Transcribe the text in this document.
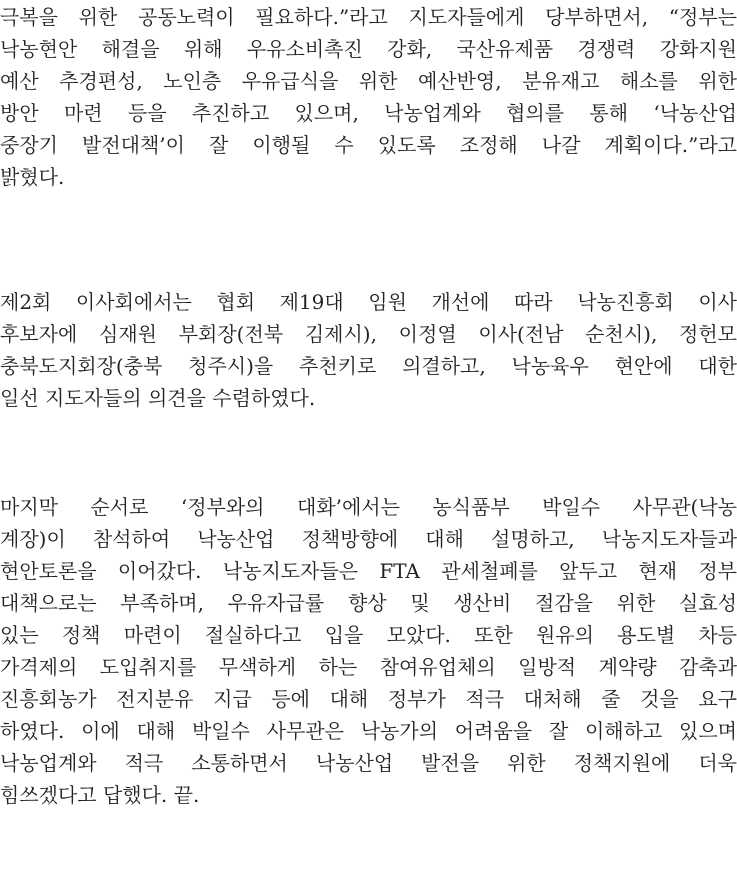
극복을 위한 공동노력이 필요하다.”라고 지도자들에게 당부하면서, “정부는
낙농현안 해결을 위해 우유소비촉진 강화, 국산유제품 경쟁력 강화지원
예산 추경편성, 노인층 우유급식을 위한 예산반영, 분유재고 해소를 위한
방안 마련 등을 추진하고 있으며, 낙농업계와 협의를 통해 ‘낙농산업
중장기 발전대책’이 잘 이행될 수 있도록 조정해 나갈 계획이다.”라고
밝혔다.
제2회 이사회에서는 협회 제19대 임원 개선에 따라 낙농진흥회 이사
후보자에 심재원 부회장(전북 김제시), 이정열 이사(전남 순천시), 정헌모
충북도지회장(충북 청주시)을 추천키로 의결하고, 낙농육우 현안에 대한
일선 지도자들의 의견을 수렴하였다.
마지막 순서로 ‘정부와의 대화’에서는 농식품부 박일수 사무관(낙농
계장)이 참석하여 낙농산업 정책방향에 대해 설명하고, 낙농지도자들과
현안토론을 이어갔다. 낙농지도자들은 FTA 관세철폐를 앞두고 현재 정부
대책으로는 부족하며, 우유자급률 향상 및 생산비 절감을 위한 실효성
있는 정책 마련이 절실하다고 입을 모았다. 또한 원유의 용도별 차등
가격제의 도입취지를 무색하게 하는 참여유업체의 일방적 계약량 감축과
진흥회농가 전지분유 지급 등에 대해 정부가 적극 대처해 줄 것을 요구
하였다. 이에 대해 박일수 사무관은 낙농가의 어려움을 잘 이해하고 있으며
낙농업계와 적극 소통하면서 낙농산업 발전을 위한 정책지원에 더욱
힘쓰겠다고 답했다. 끝.
